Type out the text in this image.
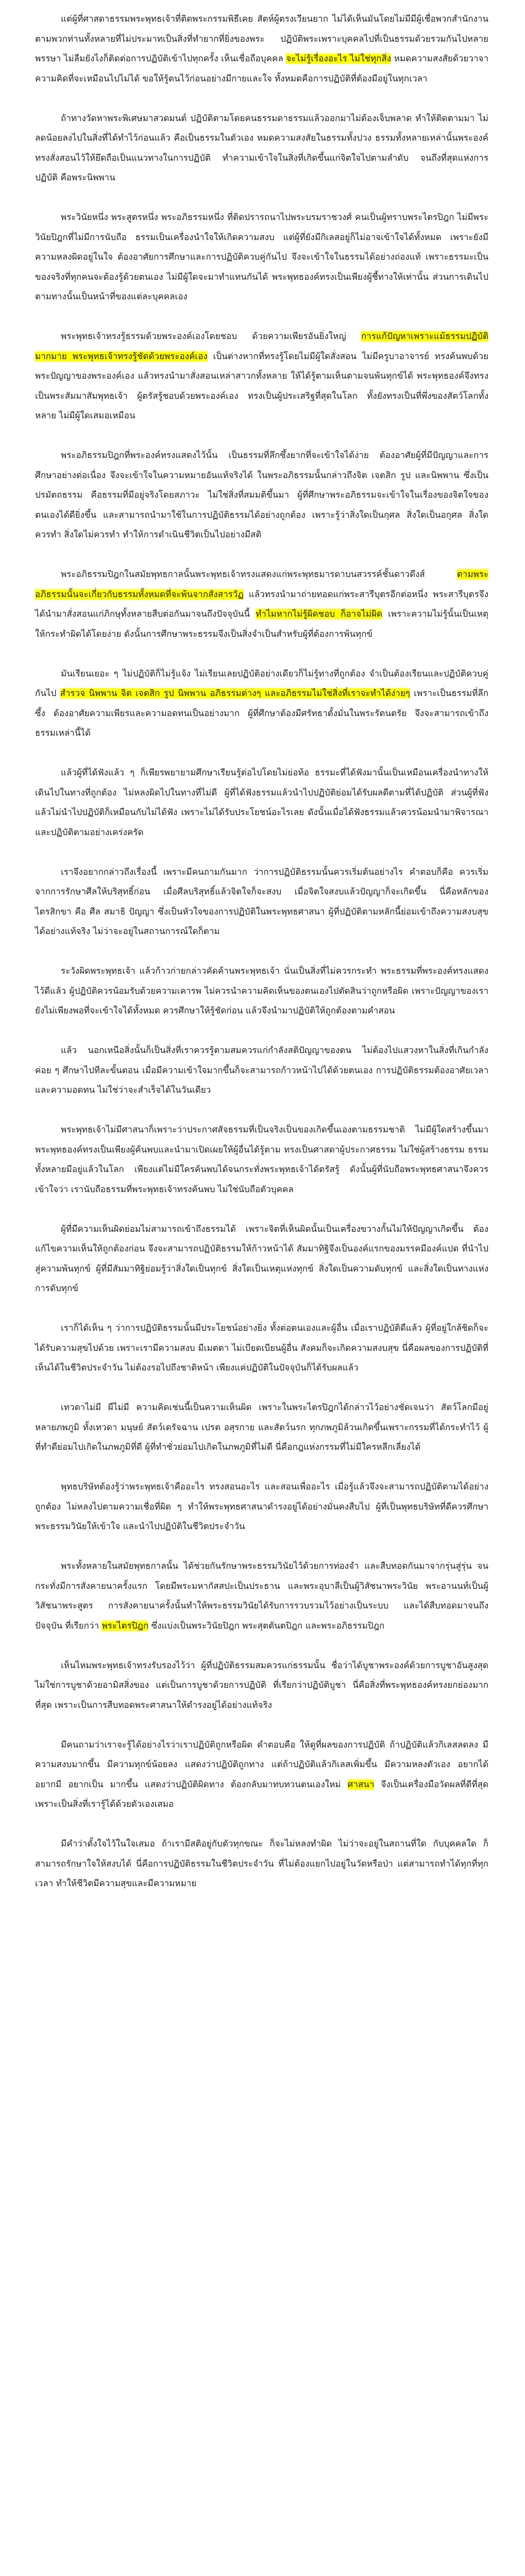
แต่ผู้ที่ศาสดาธรรมพระพุทธเจ้าที่ติดพระกรรมพิธีเคย สัตห์ผู้ตรงเวียนยาก ไม่ได้เห็นมันโดยไม่มีมีผู้เชื่อพวกสำนักงานตามพวกท่านทั้งหลายที่ไม่ประมาทเป็นสิ่งที่ทำยากที่ยิ่งของพระ ปฏิบัติพระเพราะบุคคลไปที่เป็นธรรมด้วยรวมกันไปหลายพรรษา ไม่ลืมยังไงก็ติดต่อการปฏิบัติเข้าไปทุกครั้ง เห็นเชื่อถือบุคคล จะไม่รู้เรื่องอะไร ไม่ใช่ทุกสิ่ง หมดความสงสัยด้วยวาจาความคิดที่จะเหมือนไปไม่ได้ ขอให้รู้ตนไว้ก่อนอย่างมีกายและใจ ทั้งหมดคือการปฏิบัติที่ต้องมีอยู่ในทุกเวลา

ถ้าทางวัดหาพระพิเศษมาสวดมนต์ ปฏิบัติตามโดยคนธรรมดาธรรมแล้วออกมาไม่ต้องเจ็บพลาด ทำให้ติดตามมา ไม่ลดน้อยลงไปในสิ่งที่ได้ทำไว้ก่อนแล้ว คือเป็นธรรมในตัวเอง หมดความสงสัยในธรรมทั้งปวง ธรรมทั้งหลายเหล่านั้นพระองค์ทรงสั่งสอนไว้ให้ยึดถือเป็นแนวทางในการปฏิบัติ ทำความเข้าใจในสิ่งที่เกิดขึ้นแก่จิตใจไปตามลำดับ จนถึงที่สุดแห่งการปฏิบัติ คือพระนิพพาน

พระวินัยหนึ่ง พระสูตรหนึ่ง พระอภิธรรมหนึ่ง ที่ติดปรารถนาไปพระบรมราชวงศ์ คนเป็นผู้ทราบพระไตรปิฎก ไม่มีพระวินัยปิฎกที่ไม่มีการนับถือ ธรรมเป็นเครื่องนำใจให้เกิดความสงบ แต่ผู้ที่ยังมีกิเลสอยู่ก็ไม่อาจเข้าใจได้ทั้งหมด เพราะยังมีความหลงผิดอยู่ในใจ ต้องอาศัยการศึกษาและการปฏิบัติควบคู่กันไป จึงจะเข้าใจในธรรมได้อย่างถ่องแท้ เพราะธรรมะเป็นของจริงที่ทุกคนจะต้องรู้ด้วยตนเอง ไม่มีผู้ใดจะมาทำแทนกันได้ พระพุทธองค์ทรงเป็นเพียงผู้ชี้ทางให้เท่านั้น ส่วนการเดินไปตามทางนั้นเป็นหน้าที่ของแต่ละบุคคลเอง

พระพุทธเจ้าทรงรู้ธรรมด้วยพระองค์เองโดยชอบ ด้วยความเพียรอันยิ่งใหญ่ การแก้ปัญหาเพราะแม้ธรรมปฏิบัติมากมาย พระพุทธเจ้าทรงรู้ชัดด้วยพระองค์เอง เป็นต่างหากที่ทรงรู้โดยไม่มีผู้ใดสั่งสอน ไม่มีครูบาอาจารย์ ทรงค้นพบด้วยพระปัญญาของพระองค์เอง แล้วทรงนำมาสั่งสอนเหล่าสาวกทั้งหลาย ให้ได้รู้ตามเห็นตามจนพ้นทุกข์ได้ พระพุทธองค์จึงทรงเป็นพระสัมมาสัมพุทธเจ้า ผู้ตรัสรู้ชอบด้วยพระองค์เอง ทรงเป็นผู้ประเสริฐที่สุดในโลก ทั้งยังทรงเป็นที่พึ่งของสัตว์โลกทั้งหลาย ไม่มีผู้ใดเสมอเหมือน

พระอภิธรรมปิฎกที่พระองค์ทรงแสดงไว้นั้น เป็นธรรมที่ลึกซึ้งยากที่จะเข้าใจได้ง่าย ต้องอาศัยผู้ที่มีปัญญาและการศึกษาอย่างต่อเนื่อง จึงจะเข้าใจในความหมายอันแท้จริงได้ ในพระอภิธรรมนั้นกล่าวถึงจิต เจตสิก รูป และนิพพาน ซึ่งเป็นปรมัตถธรรม คือธรรมที่มีอยู่จริงโดยสภาวะ ไม่ใช่สิ่งที่สมมติขึ้นมา ผู้ที่ศึกษาพระอภิธรรมจะเข้าใจในเรื่องของจิตใจของตนเองได้ดียิ่งขึ้น และสามารถนำมาใช้ในการปฏิบัติธรรมได้อย่างถูกต้อง เพราะรู้ว่าสิ่งใดเป็นกุศล สิ่งใดเป็นอกุศล สิ่งใดควรทำ สิ่งใดไม่ควรทำ ทำให้การดำเนินชีวิตเป็นไปอย่างมีสติ

พระอภิธรรมปิฎกในสมัยพุทธกาลนั้นพระพุทธเจ้าทรงแสดงแก่พระพุทธมารดาบนสวรรค์ชั้นดาวดึงส์ ตามพระอภิธรรมนั้นจะเกี่ยวกับธรรมทั้งหมดที่จะพ้นจากสังสารวัฏ แล้วทรงนำมาถ่ายทอดแก่พระสารีบุตรอีกต่อหนึ่ง พระสารีบุตรจึงได้นำมาสั่งสอนแก่ภิกษุทั้งหลายสืบต่อกันมาจนถึงปัจจุบันนี้ ทำไมหากไม่รู้ผิดชอบ ก็อาจไม่ผิด เพราะความไม่รู้นั้นเป็นเหตุให้กระทำผิดได้โดยง่าย ดังนั้นการศึกษาพระธรรมจึงเป็นสิ่งจำเป็นสำหรับผู้ที่ต้องการพ้นทุกข์

มันเรียนเยอะ ๆ ไม่ปฏิบัติก็ไม่รู้แจ้ง ไม่เรียนเลยปฏิบัติอย่างเดียวก็ไม่รู้ทางที่ถูกต้อง จำเป็นต้องเรียนและปฏิบัติควบคู่กันไป สำรวจ นิพพาน จิต เจตสิก รูป นิพพาน อภิธรรมต่างๆ และอภิธรรมไม่ใช่สิ่งที่เราจะทำได้ง่ายๆ เพราะเป็นธรรมที่ลึกซึ้ง ต้องอาศัยความเพียรและความอดทนเป็นอย่างมาก ผู้ที่ศึกษาต้องมีศรัทธาตั้งมั่นในพระรัตนตรัย จึงจะสามารถเข้าถึงธรรมเหล่านี้ได้

แล้วผู้ที่ได้ฟังแล้ว ๆ ก็เพียรพยายามศึกษาเรียนรู้ต่อไปโดยไม่ย่อท้อ ธรรมะที่ได้ฟังมานั้นเป็นเหมือนเครื่องนำทางให้เดินไปในทางที่ถูกต้อง ไม่หลงผิดไปในทางที่ไม่ดี ผู้ที่ได้ฟังธรรมแล้วนำไปปฏิบัติย่อมได้รับผลดีตามที่ได้ปฏิบัติ ส่วนผู้ที่ฟังแล้วไม่นำไปปฏิบัติก็เหมือนกับไม่ได้ฟัง เพราะไม่ได้รับประโยชน์อะไรเลย ดังนั้นเมื่อได้ฟังธรรมแล้วควรน้อมนำมาพิจารณาและปฏิบัติตามอย่างเคร่งครัด

เราจึงอยากกล่าวถึงเรื่องนี้ เพราะมีคนถามกันมาก ว่าการปฏิบัติธรรมนั้นควรเริ่มต้นอย่างไร คำตอบก็คือ ควรเริ่มจากการรักษาศีลให้บริสุทธิ์ก่อน เมื่อศีลบริสุทธิ์แล้วจิตใจก็จะสงบ เมื่อจิตใจสงบแล้วปัญญาก็จะเกิดขึ้น นี่คือหลักของไตรสิกขา คือ ศีล สมาธิ ปัญญา ซึ่งเป็นหัวใจของการปฏิบัติในพระพุทธศาสนา ผู้ที่ปฏิบัติตามหลักนี้ย่อมเข้าถึงความสงบสุขได้อย่างแท้จริง ไม่ว่าจะอยู่ในสถานการณ์ใดก็ตาม

ระวังผิดพระพุทธเจ้า แล้วก้าวก่ายกล่าวคัดค้านพระพุทธเจ้า นั่นเป็นสิ่งที่ไม่ควรกระทำ พระธรรมที่พระองค์ทรงแสดงไว้ดีแล้ว ผู้ปฏิบัติควรน้อมรับด้วยความเคารพ ไม่ควรนำความคิดเห็นของตนเองไปตัดสินว่าถูกหรือผิด เพราะปัญญาของเรายังไม่เพียงพอที่จะเข้าใจได้ทั้งหมด ควรศึกษาให้รู้ชัดก่อน แล้วจึงนำมาปฏิบัติให้ถูกต้องตามคำสอน

แล้ว นอกเหนือสิ่งนั้นก็เป็นสิ่งที่เราควรรู้ตามสมควรแก่กำลังสติปัญญาของตน ไม่ต้องไปแสวงหาในสิ่งที่เกินกำลัง ค่อย ๆ ศึกษาไปทีละขั้นตอน เมื่อมีความเข้าใจมากขึ้นก็จะสามารถก้าวหน้าไปได้ด้วยตนเอง การปฏิบัติธรรมต้องอาศัยเวลาและความอดทน ไม่ใช่ว่าจะสำเร็จได้ในวันเดียว

พระพุทธเจ้าไม่มีศาสนาก็เพราะว่าประกาศสัจธรรมที่เป็นจริงเป็นของเกิดขึ้นเองตามธรรมชาติ ไม่มีผู้ใดสร้างขึ้นมา พระพุทธองค์ทรงเป็นเพียงผู้ค้นพบและนำมาเปิดเผยให้ผู้อื่นได้รู้ตาม ทรงเป็นศาสดาผู้ประกาศธรรม ไม่ใช่ผู้สร้างธรรม ธรรมทั้งหลายมีอยู่แล้วในโลก เพียงแต่ไม่มีใครค้นพบได้จนกระทั่งพระพุทธเจ้าได้ตรัสรู้ ดังนั้นผู้ที่นับถือพระพุทธศาสนาจึงควรเข้าใจว่า เรานับถือธรรมที่พระพุทธเจ้าทรงค้นพบ ไม่ใช่นับถือตัวบุคคล

ผู้ที่มีความเห็นผิดย่อมไม่สามารถเข้าถึงธรรมได้ เพราะจิตที่เห็นผิดนั้นเป็นเครื่องขวางกั้นไม่ให้ปัญญาเกิดขึ้น ต้องแก้ไขความเห็นให้ถูกต้องก่อน จึงจะสามารถปฏิบัติธรรมให้ก้าวหน้าได้ สัมมาทิฐิจึงเป็นองค์แรกของมรรคมีองค์แปด ที่นำไปสู่ความพ้นทุกข์ ผู้ที่มีสัมมาทิฐิย่อมรู้ว่าสิ่งใดเป็นทุกข์ สิ่งใดเป็นเหตุแห่งทุกข์ สิ่งใดเป็นความดับทุกข์ และสิ่งใดเป็นทางแห่งการดับทุกข์

เราก็ได้เห็น ๆ ว่าการปฏิบัติธรรมนั้นมีประโยชน์อย่างยิ่ง ทั้งต่อตนเองและผู้อื่น เมื่อเราปฏิบัติดีแล้ว ผู้ที่อยู่ใกล้ชิดก็จะได้รับความสุขไปด้วย เพราะเรามีความสงบ มีเมตตา ไม่เบียดเบียนผู้อื่น สังคมก็จะเกิดความสงบสุข นี่คือผลของการปฏิบัติที่เห็นได้ในชีวิตประจำวัน ไม่ต้องรอไปถึงชาติหน้า เพียงแค่ปฏิบัติในปัจจุบันก็ได้รับผลแล้ว

เทวดาไม่มี ผีไม่มี ความคิดเช่นนี้เป็นความเห็นผิด เพราะในพระไตรปิฎกได้กล่าวไว้อย่างชัดเจนว่า สัตว์โลกมีอยู่หลายภพภูมิ ทั้งเทวดา มนุษย์ สัตว์เดรัจฉาน เปรต อสุรกาย และสัตว์นรก ทุกภพภูมิล้วนเกิดขึ้นเพราะกรรมที่ได้กระทำไว้ ผู้ที่ทำดีย่อมไปเกิดในภพภูมิที่ดี ผู้ที่ทำชั่วย่อมไปเกิดในภพภูมิที่ไม่ดี นี่คือกฎแห่งกรรมที่ไม่มีใครหลีกเลี่ยงได้

พุทธบริษัทต้องรู้ว่าพระพุทธเจ้าคืออะไร ทรงสอนอะไร และสอนเพื่ออะไร เมื่อรู้แล้วจึงจะสามารถปฏิบัติตามได้อย่างถูกต้อง ไม่หลงไปตามความเชื่อที่ผิด ๆ ทำให้พระพุทธศาสนาดำรงอยู่ได้อย่างมั่นคงสืบไป ผู้ที่เป็นพุทธบริษัทที่ดีควรศึกษาพระธรรมวินัยให้เข้าใจ และนำไปปฏิบัติในชีวิตประจำวัน

พระทั้งหลายในสมัยพุทธกาลนั้น ได้ช่วยกันรักษาพระธรรมวินัยไว้ด้วยการท่องจำ และสืบทอดกันมาจากรุ่นสู่รุ่น จนกระทั่งมีการสังคายนาครั้งแรก โดยมีพระมหากัสสปะเป็นประธาน และพระอุบาลีเป็นผู้วิสัชนาพระวินัย พระอานนท์เป็นผู้วิสัชนาพระสูตร การสังคายนาครั้งนั้นทำให้พระธรรมวินัยได้รับการรวบรวมไว้อย่างเป็นระบบ และได้สืบทอดมาจนถึงปัจจุบัน ที่เรียกว่า พระไตรปิฎก ซึ่งแบ่งเป็นพระวินัยปิฎก พระสุตตันตปิฎก และพระอภิธรรมปิฎก

เห็นไหมพระพุทธเจ้าทรงรับรองไว้ว่า ผู้ที่ปฏิบัติธรรมสมควรแก่ธรรมนั้น ชื่อว่าได้บูชาพระองค์ด้วยการบูชาอันสูงสุด ไม่ใช่การบูชาด้วยอามิสสิ่งของ แต่เป็นการบูชาด้วยการปฏิบัติ ที่เรียกว่าปฏิบัติบูชา นี่คือสิ่งที่พระพุทธองค์ทรงยกย่องมากที่สุด เพราะเป็นการสืบทอดพระศาสนาให้ดำรงอยู่ได้อย่างแท้จริง

มีคนถามว่าเราจะรู้ได้อย่างไรว่าเราปฏิบัติถูกหรือผิด คำตอบคือ ให้ดูที่ผลของการปฏิบัติ ถ้าปฏิบัติแล้วกิเลสลดลง มีความสงบมากขึ้น มีความทุกข์น้อยลง แสดงว่าปฏิบัติถูกทาง แต่ถ้าปฏิบัติแล้วกิเลสเพิ่มขึ้น มีความหลงตัวเอง อยากได้ อยากมี อยากเป็น มากขึ้น แสดงว่าปฏิบัติผิดทาง ต้องกลับมาทบทวนตนเองใหม่ ศาสนา จึงเป็นเครื่องมือวัดผลที่ดีที่สุด เพราะเป็นสิ่งที่เรารู้ได้ด้วยตัวเองเสมอ

มีคำว่าตั้งใจไว้ในใจเสมอ ถ้าเรามีสติอยู่กับตัวทุกขณะ ก็จะไม่หลงทำผิด ไม่ว่าจะอยู่ในสถานที่ใด กับบุคคลใด ก็สามารถรักษาใจให้สงบได้ นี่คือการปฏิบัติธรรมในชีวิตประจำวัน ที่ไม่ต้องแยกไปอยู่ในวัดหรือป่า แต่สามารถทำได้ทุกที่ทุกเวลา ทำให้ชีวิตมีความสุขและมีความหมาย
